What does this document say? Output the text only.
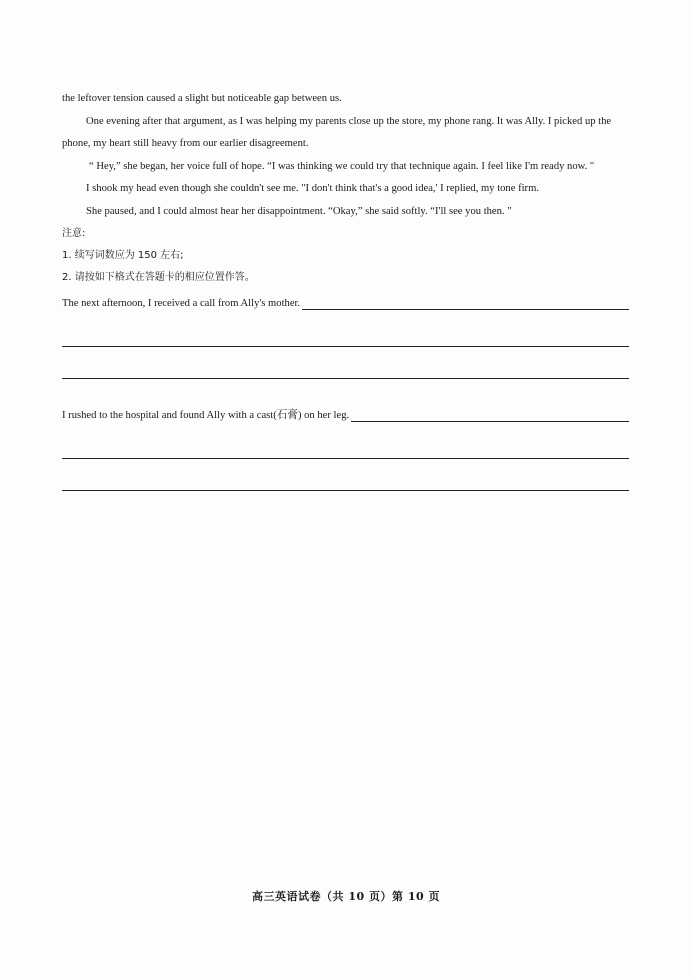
the leftover tension caused a slight but noticeable gap between us.

One evening after that argument, as I was helping my parents close up the store, my phone rang. It was Ally. I picked up the phone, my heart still heavy from our earlier disagreement.

“ Hey,” she began, her voice full of hope. “I was thinking we could try that technique again. I feel like I'm ready now. "

I shook my head even though she couldn't see me. "I don't think that's a good idea,' I replied, my tone firm.

She paused, and I could almost hear her disappointment. “Okay,” she said softly. “I'll see you then. "

注意:

1. 续写词数应为 150 左右;

2. 请按如下格式在答题卡的相应位置作答。

The next afternoon, I received a call from Ally's mother.
I rushed to the hospital and found Ally with a cast(石膏) on her leg.
高三英语试卷（共 10 页）第 10 页
